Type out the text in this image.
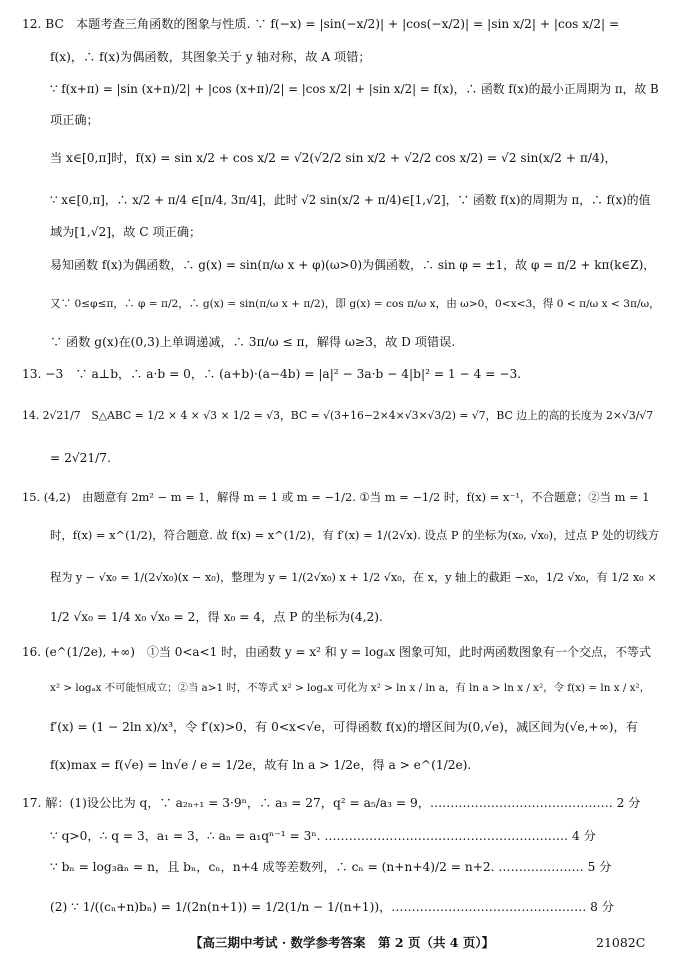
12. BC　本题考查三角函数的图象与性质. ∵ f(−x) = |sin(−x/2)| + |cos(−x/2)| = |sin x/2| + |cos x/2| =
f(x)，∴ f(x)为偶函数，其图象关于 y 轴对称，故 A 项错；
∵ f(x+π) = |sin (x+π)/2| + |cos (x+π)/2| = |cos x/2| + |sin x/2| = f(x)，∴ 函数 f(x)的最小正周期为 π，故 B
项正确；
当 x∈[0,π]时，f(x) = sin x/2 + cos x/2 = √2(√2/2 sin x/2 + √2/2 cos x/2) = √2 sin(x/2 + π/4)，
∵ x∈[0,π]，∴ x/2 + π/4 ∈[π/4, 3π/4]，此时 √2 sin(x/2 + π/4)∈[1,√2]，∵ 函数 f(x)的周期为 π，∴ f(x)的值
域为[1,√2]，故 C 项正确；
易知函数 f(x)为偶函数，∴ g(x) = sin(π/ω x + φ)(ω>0)为偶函数，∴ sin φ = ±1，故 φ = π/2 + kπ(k∈Z)，
又∵ 0≤φ≤π，∴ φ = π/2，∴ g(x) = sin(π/ω x + π/2)，即 g(x) = cos π/ω x，由 ω>0，0<x<3，得 0 < π/ω x < 3π/ω，
∵ 函数 g(x)在(0,3)上单调递减，∴ 3π/ω ≤ π，解得 ω≥3，故 D 项错误.
13. −3　∵ a⊥b，∴ a·b = 0，∴ (a+b)·(a−4b) = |a|² − 3a·b − 4|b|² = 1 − 4 = −3.
14. 2√21/7　S△ABC = 1/2 × 4 × √3 × 1/2 = √3，BC = √(3+16−2×4×√3×√3/2) = √7，BC 边上的高的长度为 2×√3/√7
= 2√21/7.
15. (4,2)　由题意有 2m² − m = 1，解得 m = 1 或 m = −1/2. ①当 m = −1/2 时，f(x) = x⁻¹，不合题意；②当 m = 1
时，f(x) = x^(1/2)，符合题意. 故 f(x) = x^(1/2)，有 f′(x) = 1/(2√x). 设点 P 的坐标为(x₀, √x₀)，过点 P 处的切线方
程为 y − √x₀ = 1/(2√x₀)(x − x₀)，整理为 y = 1/(2√x₀) x + 1/2 √x₀，在 x，y 轴上的截距 −x₀，1/2 √x₀，有 1/2 x₀ ×
1/2 √x₀ = 1/4 x₀ √x₀ = 2，得 x₀ = 4，点 P 的坐标为(4,2).
16. (e^(1/2e), +∞)　①当 0<a<1 时，由函数 y = x² 和 y = logₐx 图象可知，此时两函数图象有一个交点，不等式
x² > logₐx 不可能恒成立；②当 a>1 时，不等式 x² > logₐx 可化为 x² > ln x / ln a，有 ln a > ln x / x²，令 f(x) = ln x / x²，
f′(x) = (1 − 2ln x)/x³，令 f′(x)>0，有 0<x<√e，可得函数 f(x)的增区间为(0,√e)，减区间为(√e,+∞)，有
f(x)max = f(√e) = ln√e / e = 1/2e，故有 ln a > 1/2e，得 a > e^(1/2e).
17. 解：(1)设公比为 q，∵ a₂ₙ₊₁ = 3·9ⁿ，∴ a₃ = 27，q² = a₅/a₃ = 9，……………………………………… 2 分
∵ q>0，∴ q = 3，a₁ = 3，∴ aₙ = a₁qⁿ⁻¹ = 3ⁿ. …………………………………………………… 4 分
∵ bₙ = log₃aₙ = n，且 bₙ，cₙ，n+4 成等差数列，∴ cₙ = (n+n+4)/2 = n+2. ………………… 5 分
(2) ∵ 1/((cₙ+n)bₙ) = 1/(2n(n+1)) = 1/2(1/n − 1/(n+1))，………………………………………… 8 分
【高三期中考试 · 数学参考答案　第 2 页（共 4 页）】	21082C
